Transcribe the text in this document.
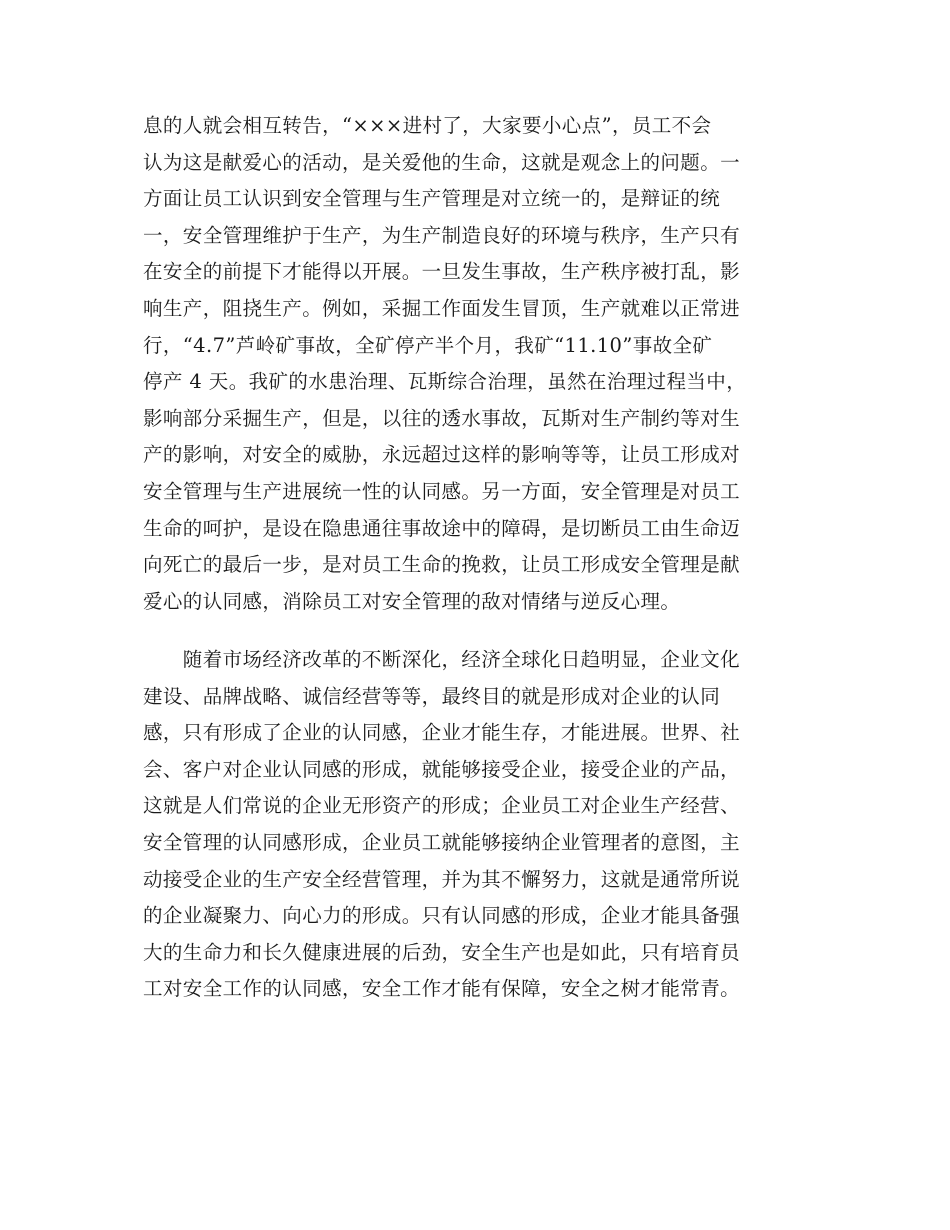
息的人就会相互转告，“×××进村了，大家要小心点”，员工不会
认为这是献爱心的活动，是关爱他的生命，这就是观念上的问题。一
方面让员工认识到安全管理与生产管理是对立统一的，是辩证的统
一，安全管理维护于生产，为生产制造良好的环境与秩序，生产只有
在安全的前提下才能得以开展。一旦发生事故，生产秩序被打乱，影
响生产，阻挠生产。例如，采掘工作面发生冒顶，生产就难以正常进
行，“4.7”芦岭矿事故，全矿停产半个月，我矿“11.10”事故全矿
停产 4 天。我矿的水患治理、瓦斯综合治理，虽然在治理过程当中，
影响部分采掘生产，但是，以往的透水事故，瓦斯对生产制约等对生
产的影响，对安全的威胁，永远超过这样的影响等等，让员工形成对
安全管理与生产进展统一性的认同感。另一方面，安全管理是对员工
生命的呵护，是设在隐患通往事故途中的障碍，是切断员工由生命迈
向死亡的最后一步，是对员工生命的挽救，让员工形成安全管理是献
爱心的认同感，消除员工对安全管理的敌对情绪与逆反心理。
　　随着市场经济改革的不断深化，经济全球化日趋明显，企业文化
建设、品牌战略、诚信经营等等，最终目的就是形成对企业的认同
感，只有形成了企业的认同感，企业才能生存，才能进展。世界、社
会、客户对企业认同感的形成，就能够接受企业，接受企业的产品，
这就是人们常说的企业无形资产的形成；企业员工对企业生产经营、
安全管理的认同感形成，企业员工就能够接纳企业管理者的意图，主
动接受企业的生产安全经营管理，并为其不懈努力，这就是通常所说
的企业凝聚力、向心力的形成。只有认同感的形成，企业才能具备强
大的生命力和长久健康进展的后劲，安全生产也是如此，只有培育员
工对安全工作的认同感，安全工作才能有保障，安全之树才能常青。
